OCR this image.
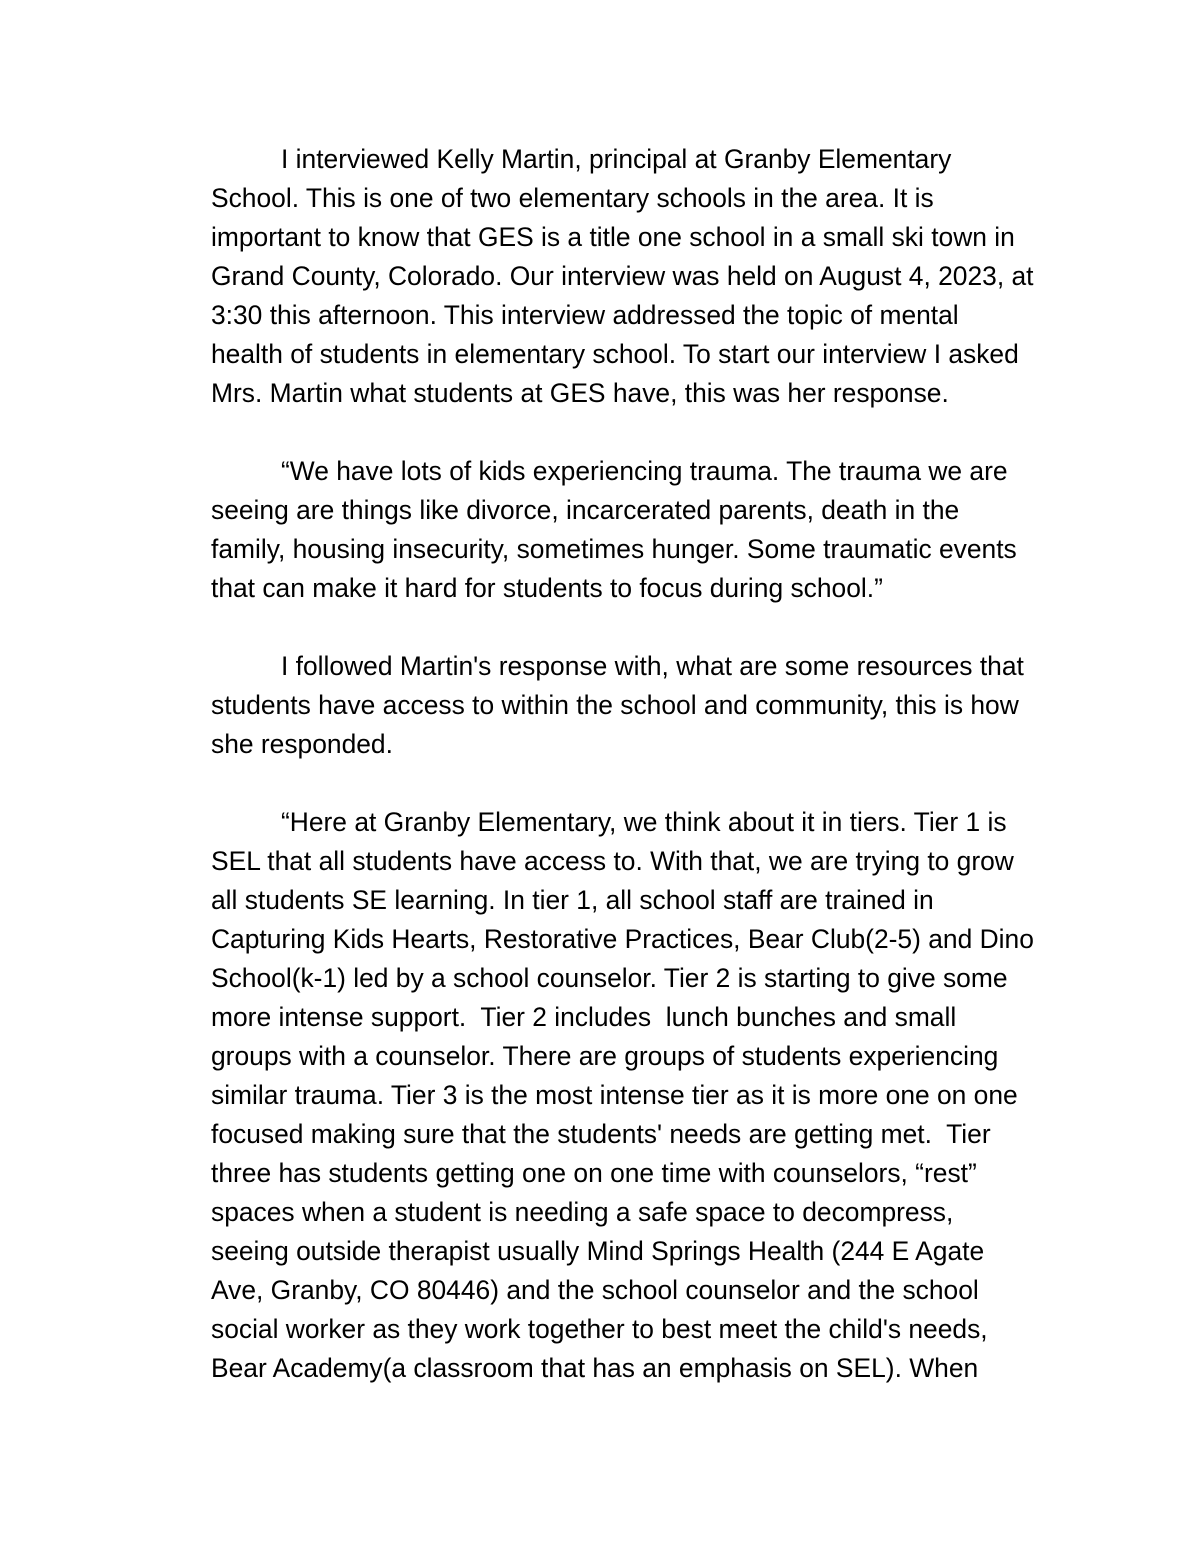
I interviewed Kelly Martin, principal at Granby Elementary
School. This is one of two elementary schools in the area. It is
important to know that GES is a title one school in a small ski town in
Grand County, Colorado. Our interview was held on August 4, 2023, at
3:30 this afternoon. This interview addressed the topic of mental
health of students in elementary school. To start our interview I asked
Mrs. Martin what students at GES have, this was her response.

“We have lots of kids experiencing trauma. The trauma we are
seeing are things like divorce, incarcerated parents, death in the
family, housing insecurity, sometimes hunger. Some traumatic events
that can make it hard for students to focus during school.”

I followed Martin's response with, what are some resources that
students have access to within the school and community, this is how
she responded.

“Here at Granby Elementary, we think about it in tiers. Tier 1 is
SEL that all students have access to. With that, we are trying to grow
all students SE learning. In tier 1, all school staff are trained in
Capturing Kids Hearts, Restorative Practices, Bear Club(2-5) and Dino
School(k-1) led by a school counselor. Tier 2 is starting to give some
more intense support.  Tier 2 includes  lunch bunches and small
groups with a counselor. There are groups of students experiencing
similar trauma. Tier 3 is the most intense tier as it is more one on one
focused making sure that the students' needs are getting met.  Tier
three has students getting one on one time with counselors, “rest”
spaces when a student is needing a safe space to decompress,
seeing outside therapist usually Mind Springs Health (244 E Agate
Ave, Granby, CO 80446) and the school counselor and the school
social worker as they work together to best meet the child's needs,
Bear Academy(a classroom that has an emphasis on SEL). When
